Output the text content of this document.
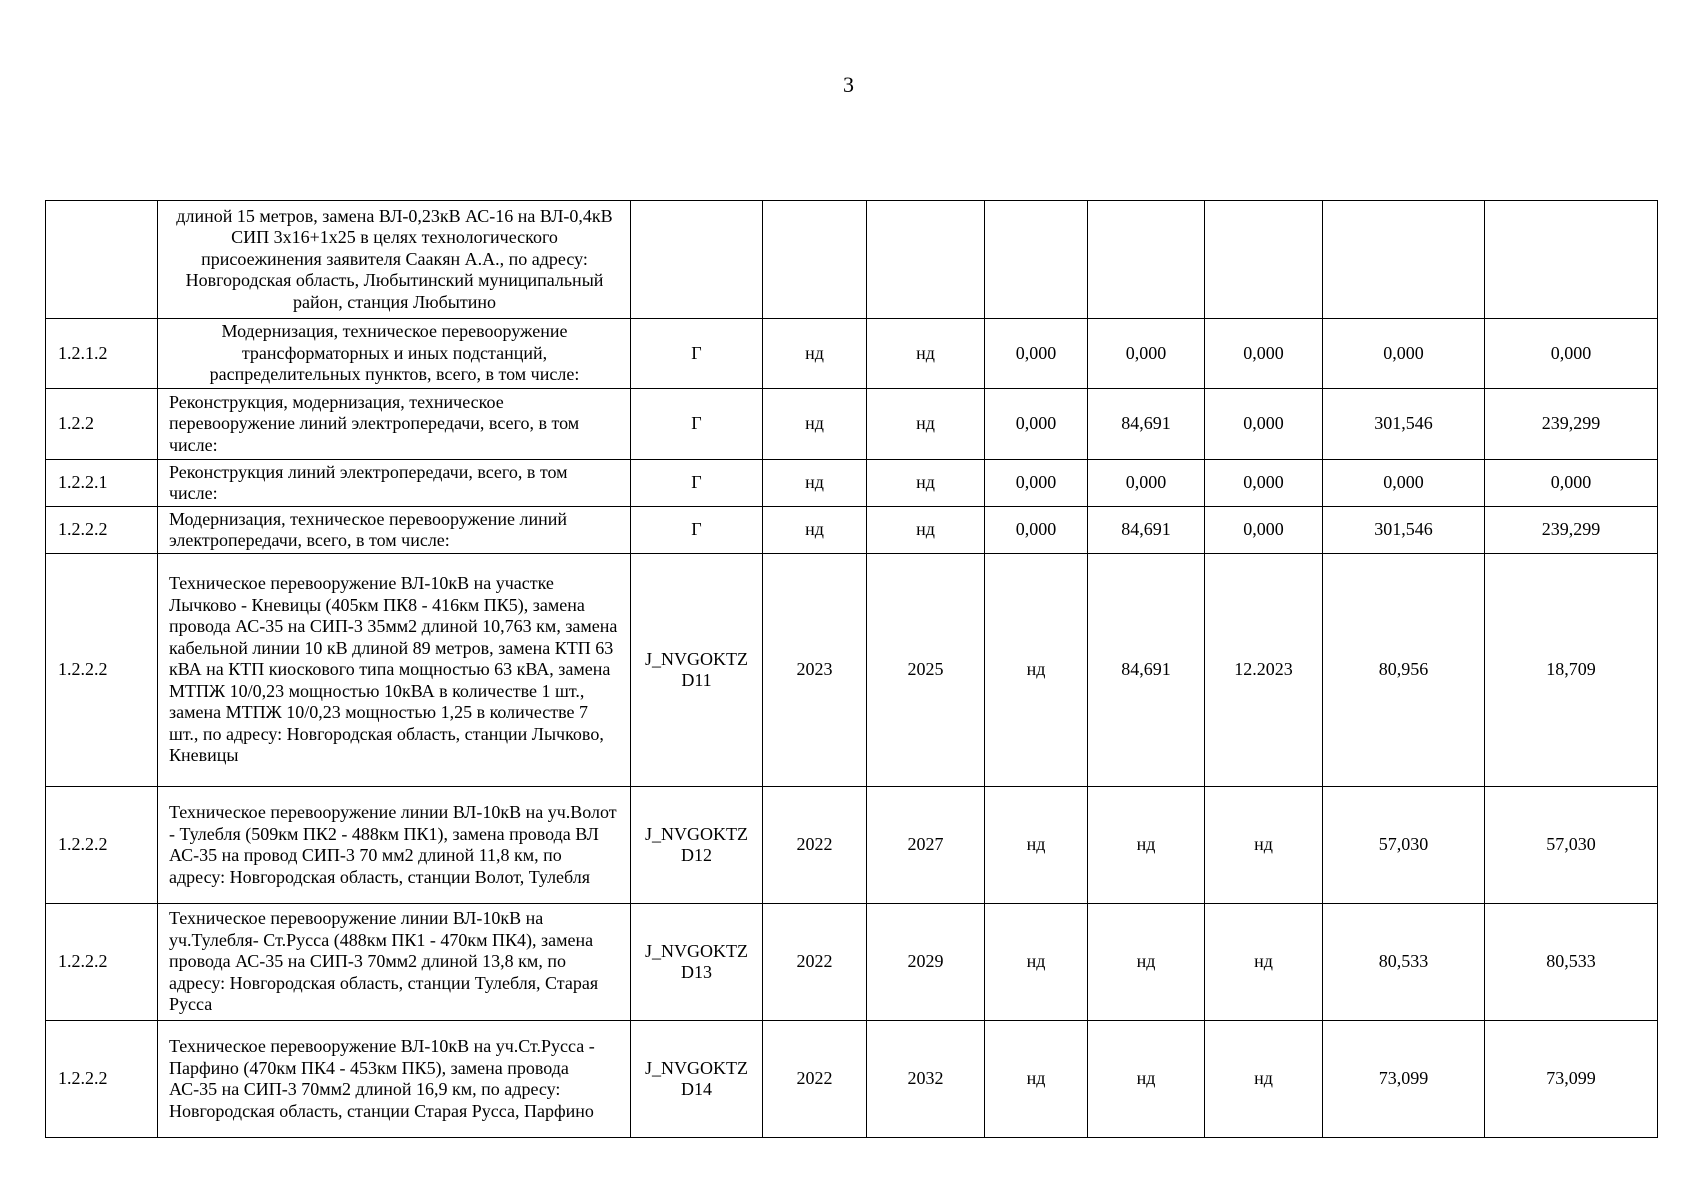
3
	длиной 15 метров, замена ВЛ-0,23кВ АС-16 на ВЛ-0,4кВ СИП 3х16+1х25 в целях технологического присоежинения заявителя Саакян А.А., по адресу: Новгородская область, Любытинский муниципальный район, станция Любытино								
1.2.1.2	Модернизация, техническое перевооружение трансформаторных и иных подстанций, распределительных пунктов, всего, в том числе:	Г	нд	нд	0,000	0,000	0,000	0,000	0,000
1.2.2	Реконструкция, модернизация, техническое перевооружение линий электропередачи, всего, в том числе:	Г	нд	нд	0,000	84,691	0,000	301,546	239,299
1.2.2.1	Реконструкция линий электропередачи, всего, в том числе:	Г	нд	нд	0,000	0,000	0,000	0,000	0,000
1.2.2.2	Модернизация, техническое перевооружение линий электропередачи, всего, в том числе:	Г	нд	нд	0,000	84,691	0,000	301,546	239,299
1.2.2.2	Техническое перевооружение ВЛ-10кВ на участке Лычково - Кневицы (405км ПК8 - 416км ПК5), замена провода АС-35 на СИП-3 35мм2 длиной 10,763 км, замена кабельной линии 10 кВ длиной 89 метров, замена КТП 63 кВА на КТП киоскового типа мощностью 63 кВА, замена МТПЖ 10/0,23 мощностью 10кВА в количестве 1 шт., замена МТПЖ 10/0,23 мощностью 1,25 в количестве 7 шт., по адресу: Новгородская область, станции Лычково, Кневицы	J_NVGOKTZD11	2023	2025	нд	84,691	12.2023	80,956	18,709
1.2.2.2	Техническое перевооружение линии ВЛ-10кВ на уч.Волот - Тулебля (509км ПК2 - 488км ПК1), замена провода ВЛ АС-35 на провод СИП-3 70 мм2 длиной 11,8 км, по адресу: Новгородская область, станции Волот, Тулебля	J_NVGOKTZD12	2022	2027	нд	нд	нд	57,030	57,030
1.2.2.2	Техническое перевооружение линии ВЛ-10кВ на уч.Тулебля- Ст.Русса (488км ПК1 - 470км ПК4), замена провода АС-35 на СИП-3 70мм2 длиной 13,8 км, по адресу: Новгородская область, станции Тулебля, Старая Русса	J_NVGOKTZD13	2022	2029	нд	нд	нд	80,533	80,533
1.2.2.2	Техническое перевооружение ВЛ-10кВ на уч.Ст.Русса - Парфино (470км ПК4 - 453км ПК5), замена провода АС-35 на СИП-3 70мм2 длиной 16,9 км, по адресу: Новгородская область, станции Старая Русса, Парфино	J_NVGOKTZD14	2022	2032	нд	нд	нд	73,099	73,099
